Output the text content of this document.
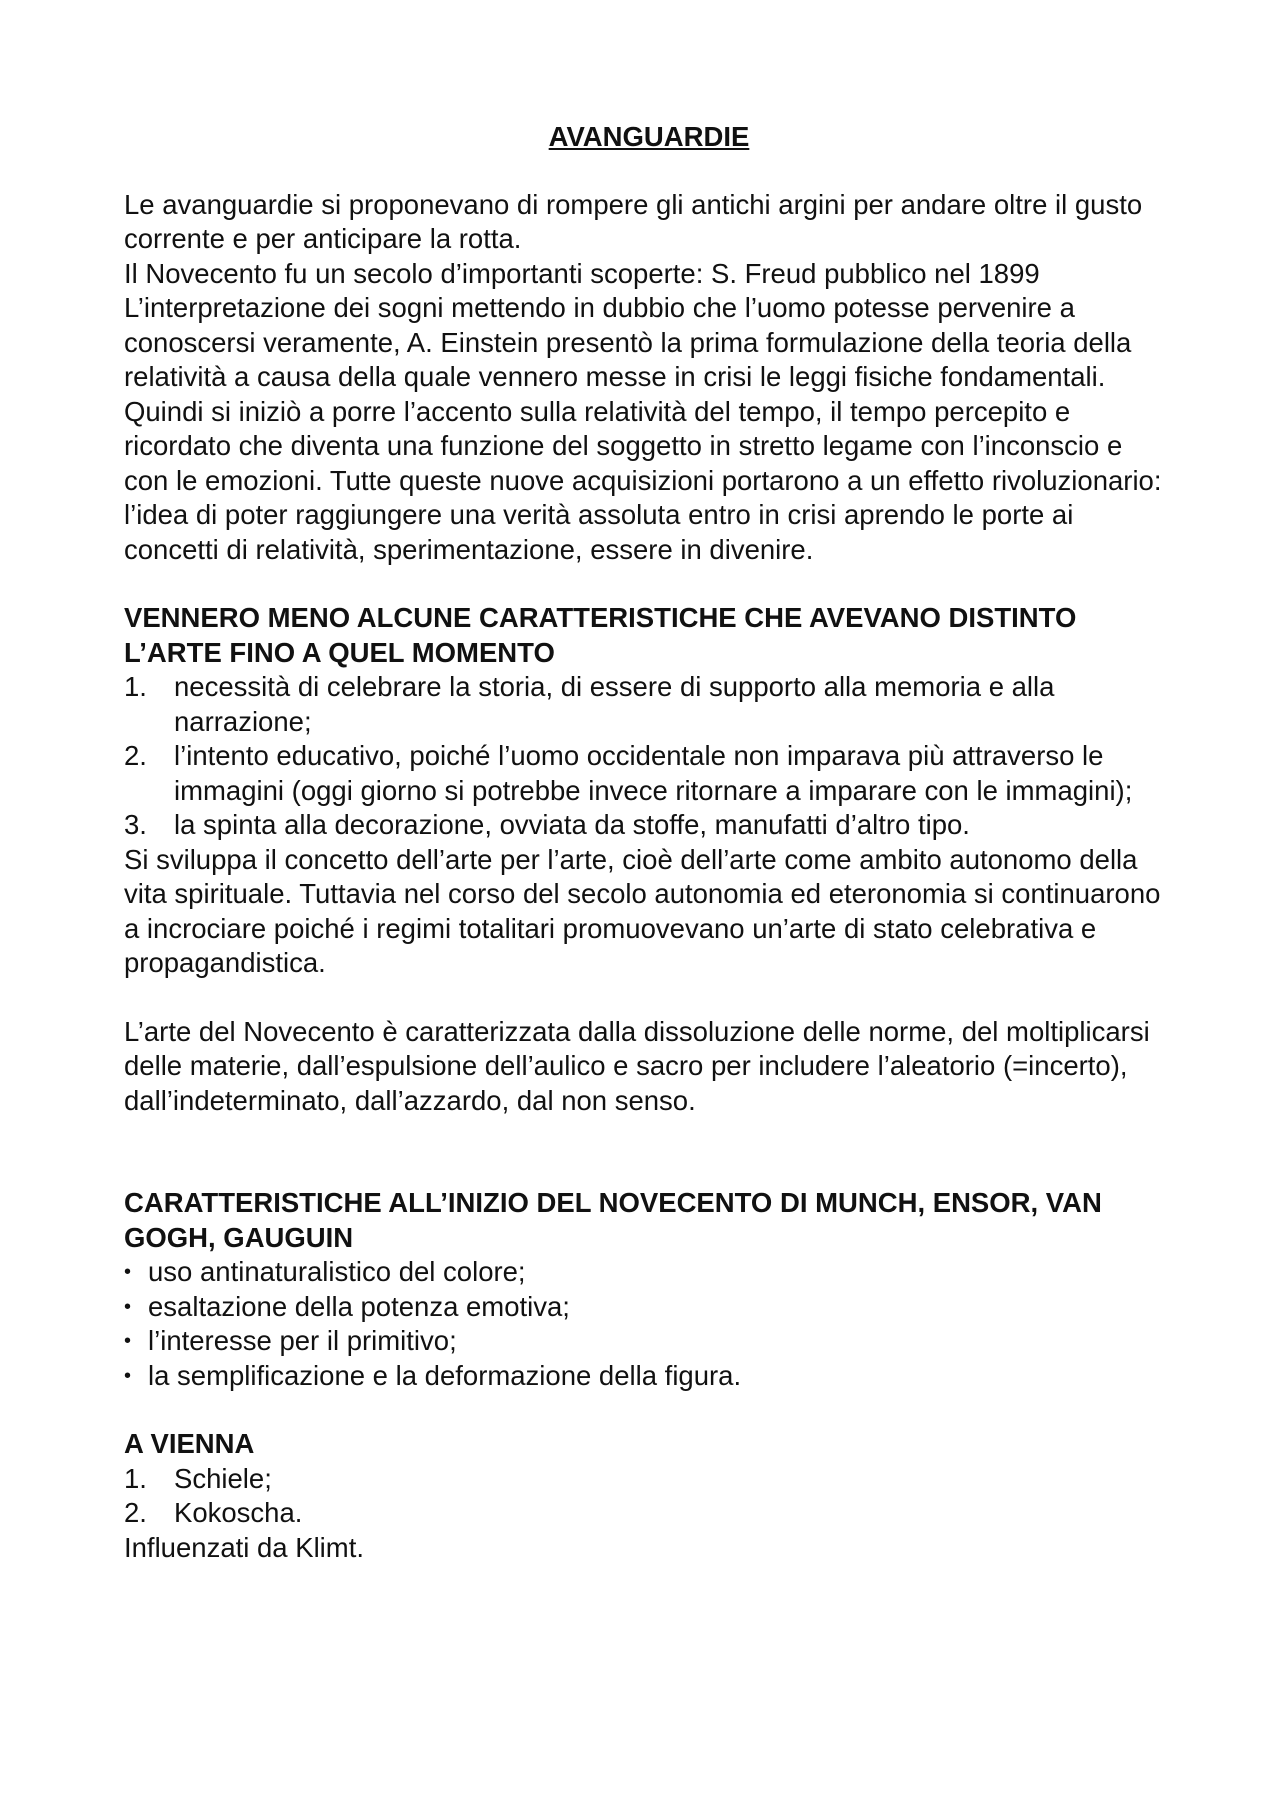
AVANGUARDIE

Le avanguardie si proponevano di rompere gli antichi argini per andare oltre il gusto corrente e per anticipare la rotta.

Il Novecento fu un secolo d’importanti scoperte: S. Freud pubblico nel 1899 L’interpretazione dei sogni mettendo in dubbio che l’uomo potesse pervenire a conoscersi veramente, A. Einstein presentò la prima formulazione della teoria della relatività a causa della quale vennero messe in crisi le leggi fisiche fondamentali. Quindi si iniziò a porre l’accento sulla relatività del tempo, il tempo percepito e ricordato che diventa una funzione del soggetto in stretto legame con l’inconscio e con le emozioni. Tutte queste nuove acquisizioni portarono a un effetto rivoluzionario: l’idea di poter raggiungere una verità assoluta entro in crisi aprendo le porte ai concetti di relatività, sperimentazione, essere in divenire.

VENNERO MENO ALCUNE CARATTERISTICHE CHE AVEVANO DISTINTO L’ARTE FINO A QUEL MOMENTO

1. necessità di celebrare la storia, di essere di supporto alla memoria e alla narrazione;
2. l’intento educativo, poiché l’uomo occidentale non imparava più attraverso le immagini (oggi giorno si potrebbe invece ritornare a imparare con le immagini);
3. la spinta alla decorazione, ovviata da stoffe, manufatti d’altro tipo.

Si sviluppa il concetto dell’arte per l’arte, cioè dell’arte come ambito autonomo della vita spirituale. Tuttavia nel corso del secolo autonomia ed eteronomia si continuarono a incrociare poiché i regimi totalitari promuovevano un’arte di stato celebrativa e propagandistica.

L’arte del Novecento è caratterizzata dalla dissoluzione delle norme, del moltiplicarsi delle materie, dall’espulsione dell’aulico e sacro per includere l’aleatorio (=incerto), dall’indeterminato, dall’azzardo, dal non senso.

CARATTERISTICHE ALL’INIZIO DEL NOVECENTO DI MUNCH, ENSOR, VAN GOGH, GAUGUIN

• uso antinaturalistico del colore;
• esaltazione della potenza emotiva;
• l’interesse per il primitivo;
• la semplificazione e la deformazione della figura.

A VIENNA

1. Schiele;
2. Kokoscha.

Influenzati da Klimt.
